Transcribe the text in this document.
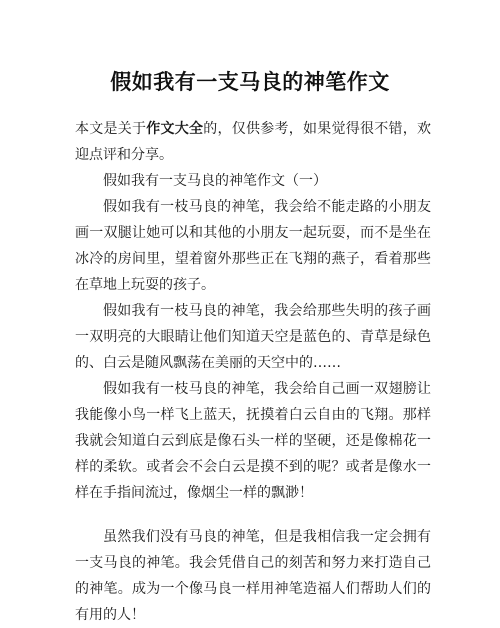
假如我有一支马良的神笔作文

本文是关于作文大全的，仅供参考，如果觉得很不错，欢迎点评和分享。

假如我有一支马良的神笔作文（一）

假如我有一枝马良的神笔，我会给不能走路的小朋友画一双腿让她可以和其他的小朋友一起玩耍，而不是坐在冰冷的房间里，望着窗外那些正在飞翔的燕子，看着那些在草地上玩耍的孩子。

假如我有一枝马良的神笔，我会给那些失明的孩子画一双明亮的大眼睛让他们知道天空是蓝色的、青草是绿色的、白云是随风飘荡在美丽的天空中的……

假如我有一枝马良的神笔，我会给自己画一双翅膀让我能像小鸟一样飞上蓝天，抚摸着白云自由的飞翔。那样我就会知道白云到底是像石头一样的坚硬，还是像棉花一样的柔软。或者会不会白云是摸不到的呢？或者是像水一样在手指间流过，像烟尘一样的飘渺！

虽然我们没有马良的神笔，但是我相信我一定会拥有一支马良的神笔。我会凭借自己的刻苦和努力来打造自己的神笔。成为一个像马良一样用神笔造福人们帮助人们的有用的人！
